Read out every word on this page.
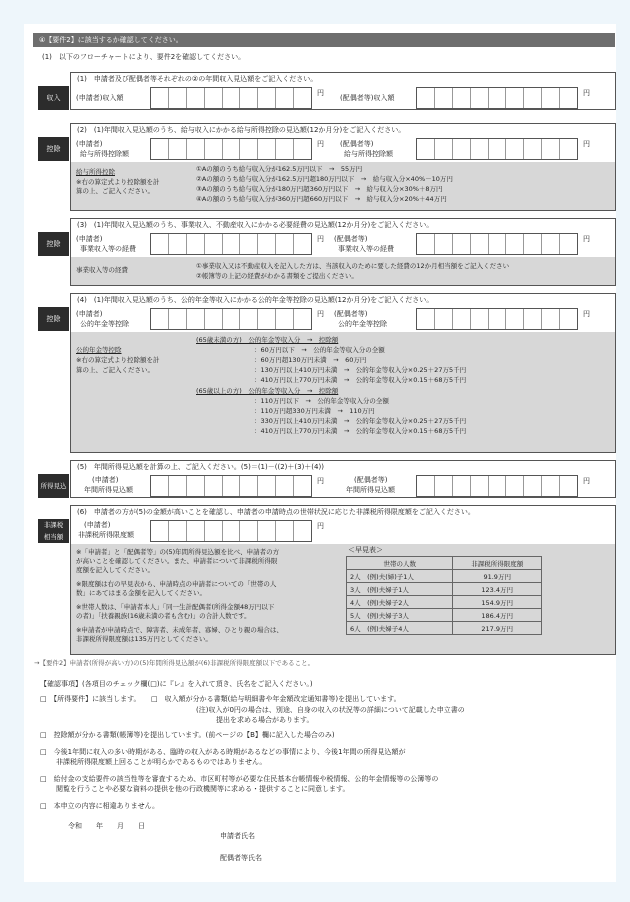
④【要件2】に該当するか確認してください。
(1)　以下のフローチャートにより、要件2を確認してください。
(1)　申請者及び配偶者等それぞれの②の年間収入見込額をご記入ください。
収入	(申請者)収入額
円
(配偶者等)収入額
円
(2)　(1)年間収入見込額のうち、給与収入にかかる給与所得控除の見込額(12か月分)をご記入ください。
控除
(申請者)
給与所得控除額
円 (配偶者等)
給与所得控除額
円
給与所得控除
※右の算定式より控除額を計
算の上、ご記入ください。
①Aの額のうち給与収入分が162.5万円以下　→　55万円
②Aの額のうち給与収入分が162.5万円超180万円以下　→　給与収入分×40%－10万円
③Aの額のうち給与収入分が180万円超360万円以下　→　給与収入分×30%＋8万円
④Aの額のうち給与収入分が360万円超660万円以下　→　給与収入分×20%＋44万円
(3)　(1)年間収入見込額のうち、事業収入、不動産収入にかかる必要経費の見込額(12か月分)をご記入ください。
控除
(申請者)
事業収入等の経費
円 (配偶者等)
事業収入等の経費
円
事業収入等の経費	①事業収入又は不動産収入を記入した方は、当該収入のために要した経費の12か月相当額をご記入ください
②帳簿等の上記の経費がわかる書類をご提出ください。
(4)　(1)年間収入見込額のうち、公的年金等収入にかかる公的年金等控除の見込額(12か月分)をご記入ください。
控除
(申請者)
公的年金等控除
円 (配偶者等)
公的年金等控除
円
公的年金等控除
※右の算定式より控除額を計
算の上、ご記入ください。
(65歳未満の方)　公的年金等収入分　→　控除額
：60万円以下　→　公的年金等収入分の全額
：60万円超130万円未満　→　60万円
：130万円以上410万円未満　→　公的年金等収入分×0.25＋27万5千円
：410万円以上770万円未満　→　公的年金等収入分×0.15＋68万5千円
(65歳以上の方)　公的年金等収入分　→　控除額
：110万円以下　→　公的年金等収入分の全額
：110万円超330万円未満　→　110万円
：330万円以上410万円未満　→　公的年金等収入分×0.25＋27万5千円
：410万円以上770万円未満　→　公的年金等収入分×0.15＋68万5千円
(5)　年間所得見込額を計算の上、ご記入ください。(5)＝(1)－((2)＋(3)＋(4))
所得見込
(申請者)
年間所得見込額
円	(配偶者等)
年間所得見込額
円
(6)　申請者の方が(5)の金額が高いことを確認し、申請者の申請時点の世帯状況に応じた非課税所得限度額をご記入ください。
非課税
相当額
(申請者)
非課税所得限度額
円
※「申請者」と「配偶者等」の(5)年間所得見込額を比べ、申請者の方
が高いことを確認してください。また、申請者について非課税所得限
度額を記入してください。
※限度額は右の早見表から、申請時点の申請者についての「世帯の人
数」にあてはまる金額を記入してください。
※世帯人数は、「申請者本人」「同一生計配偶者(所得金額48万円以下
の者)」「扶養親族(16歳未満の者も含む)」の合計人数です。
※申請者が申請時点で、障害者、未成年者、寡婦、ひとり親の場合は、
非課税所得限度額は135万円としてください。
＜早見表＞
世帯の人数	非課税所得限度額
2人　(例)夫(婦)子1人	91.9万円
3人　(例)夫婦子1人	123.4万円
4人　(例)夫婦子2人	154.9万円
5人　(例)夫婦子3人	186.4万円
6人　(例)夫婦子4人	217.9万円
→【要件2】申請者(所得が高い方)の(5)年間所得見込額が(6)非課税所得限度額以下であること。
【確認事項】(各項目のチェック欄(□)に『レ』を入れて頂き、氏名をご記入ください。)
□　【所得要件】に該当します。　　□　収入額が分かる書類(給与明細書や年金額改定通知書等)を提出しています。
(注)収入が0円の場合は、別途、自身の収入の状況等の詳細について記載した申立書の
提出を求める場合があります。
□　控除額が分かる書類(帳簿等)を提出しています。(前ページの【B】欄に記入した場合のみ)
□　今後1年間に収入の多い時期がある、臨時の収入がある時期があるなどの事情により、今後1年間の所得見込額が
非課税所得限度額上回ることが明らかであるものではありません。
□　給付金の支給要件の該当性等を審査するため、市区町村等が必要な住民基本台帳情報や税情報、公的年金情報等の公簿等の
閲覧を行うことや必要な資料の提供を他の行政機関等に求める・提供することに同意します。
□　本申立の内容に相違ありません。
令和　　年　　月　　日
申請者氏名
配偶者等氏名
